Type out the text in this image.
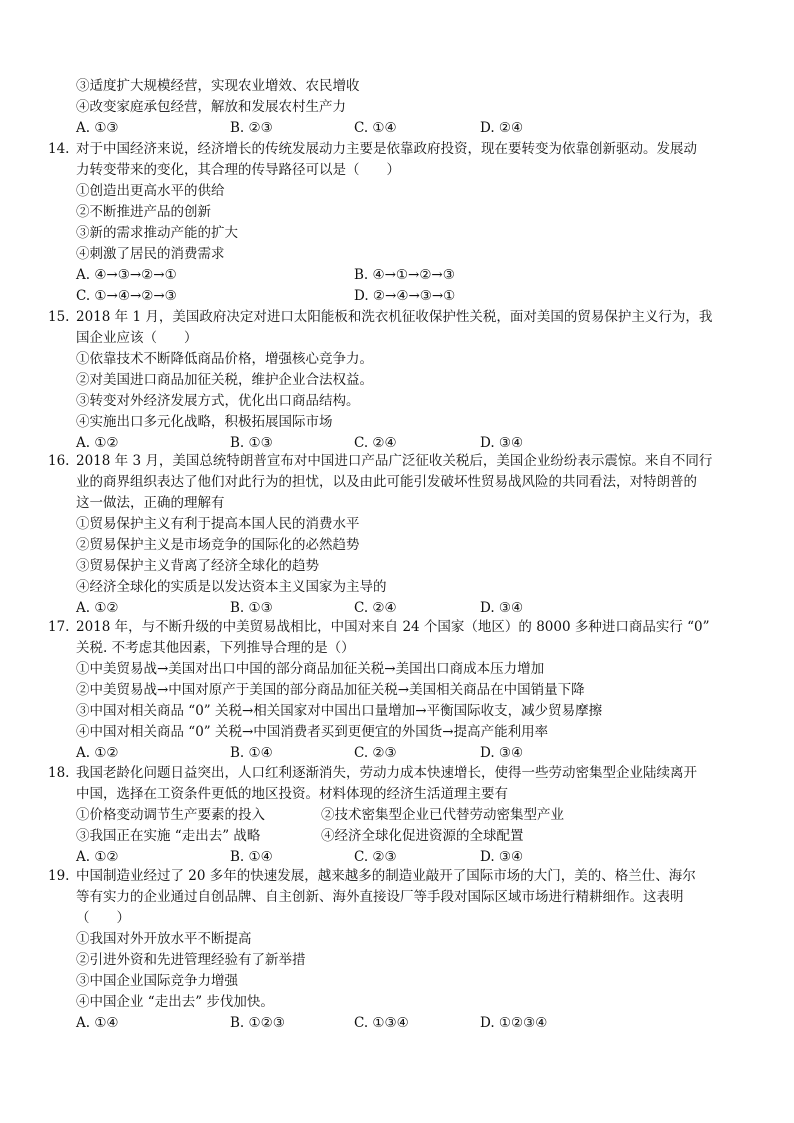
③适度扩大规模经营，实现农业增效、农民增收
④改变家庭承包经营，解放和发展农村生产力
A. ①③	B. ②③	C. ①④	D. ②④
14. 对于中国经济来说，经济增长的传统发展动力主要是依靠政府投资，现在要转变为依靠创新驱动。发展动
力转变带来的变化，其合理的传导路径可以是（　　）
①创造出更高水平的供给
②不断推进产品的创新
③新的需求推动产能的扩大
④刺激了居民的消费需求
A. ④→③→②→①	B. ④→①→②→③
C. ①→④→②→③	D. ②→④→③→①
15. 2018 年 1 月，美国政府决定对进口太阳能板和洗衣机征收保护性关税，面对美国的贸易保护主义行为，我
国企业应该（　　）
①依靠技术不断降低商品价格，增强核心竞争力。
②对美国进口商品加征关税，维护企业合法权益。
③转变对外经济发展方式，优化出口商品结构。
④实施出口多元化战略，积极拓展国际市场
A. ①②	B. ①③	C. ②④	D. ③④
16. 2018 年 3 月，美国总统特朗普宣布对中国进口产品广泛征收关税后，美国企业纷纷表示震惊。来自不同行
业的商界组织表达了他们对此行为的担忧，以及由此可能引发破坏性贸易战风险的共同看法，对特朗普的
这一做法，正确的理解有
①贸易保护主义有利于提高本国人民的消费水平
②贸易保护主义是市场竞争的国际化的必然趋势
③贸易保护主义背离了经济全球化的趋势
④经济全球化的实质是以发达资本主义国家为主导的
A. ①②	B. ①③	C. ②④	D. ③④
17. 2018 年，与不断升级的中美贸易战相比，中国对来自 24 个国家（地区）的 8000 多种进口商品实行 “0”
关税. 不考虑其他因素，下列推导合理的是（）
①中美贸易战→美国对出口中国的部分商品加征关税→美国出口商成本压力增加
②中美贸易战→中国对原产于美国的部分商品加征关税→美国相关商品在中国销量下降
③中国对相关商品 “0” 关税→相关国家对中国出口量增加→平衡国际收支，减少贸易摩擦
④中国对相关商品 “0” 关税→中国消费者买到更便宜的外国货→提高产能利用率
A. ①②	B. ①④	C. ②③	D. ③④
18. 我国老龄化问题日益突出，人口红利逐渐消失，劳动力成本快速增长，使得一些劳动密集型企业陆续离开
中国，选择在工资条件更低的地区投资。材料体现的经济生活道理主要有
①价格变动调节生产要素的投入	②技术密集型企业已代替劳动密集型产业
③我国正在实施 “走出去” 战略	④经济全球化促进资源的全球配置
A. ①②	B. ①④	C. ②③	D. ③④
19. 中国制造业经过了 20 多年的快速发展，越来越多的制造业敲开了国际市场的大门，美的、格兰仕、海尔
等有实力的企业通过自创品牌、自主创新、海外直接设厂等手段对国际区域市场进行精耕细作。这表明
（　　）
①我国对外开放水平不断提高
②引进外资和先进管理经验有了新举措
③中国企业国际竞争力增强
④中国企业 “走出去” 步伐加快。
A. ①④	B. ①②③	C. ①③④	D. ①②③④
